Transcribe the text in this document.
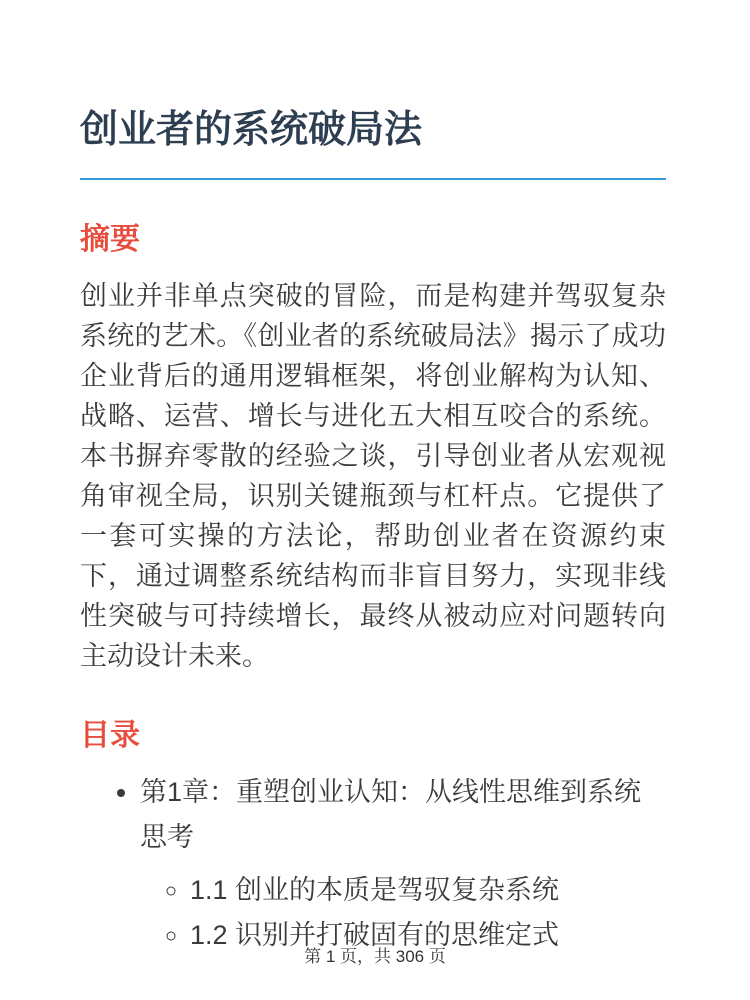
创业者的系统破局法
摘要

创业并非单点突破的冒险，而是构建并驾驭复杂系统的艺术。《创业者的系统破局法》揭示了成功企业背后的通用逻辑框架，将创业解构为认知、战略、运营、增长与进化五大相互咬合的系统。本书摒弃零散的经验之谈，引导创业者从宏观视角审视全局，识别关键瓶颈与杠杆点。它提供了一套可实操的方法论，帮助创业者在资源约束下，通过调整系统结构而非盲目努力，实现非线性突破与可持续增长，最终从被动应对问题转向主动设计未来。

目录
• 第1章：重塑创业认知：从线性思维到系统思考
◦ 1.1 创业的本质是驾驭复杂系统
◦ 1.2 识别并打破固有的思维定式
第 1 页，共 306 页
